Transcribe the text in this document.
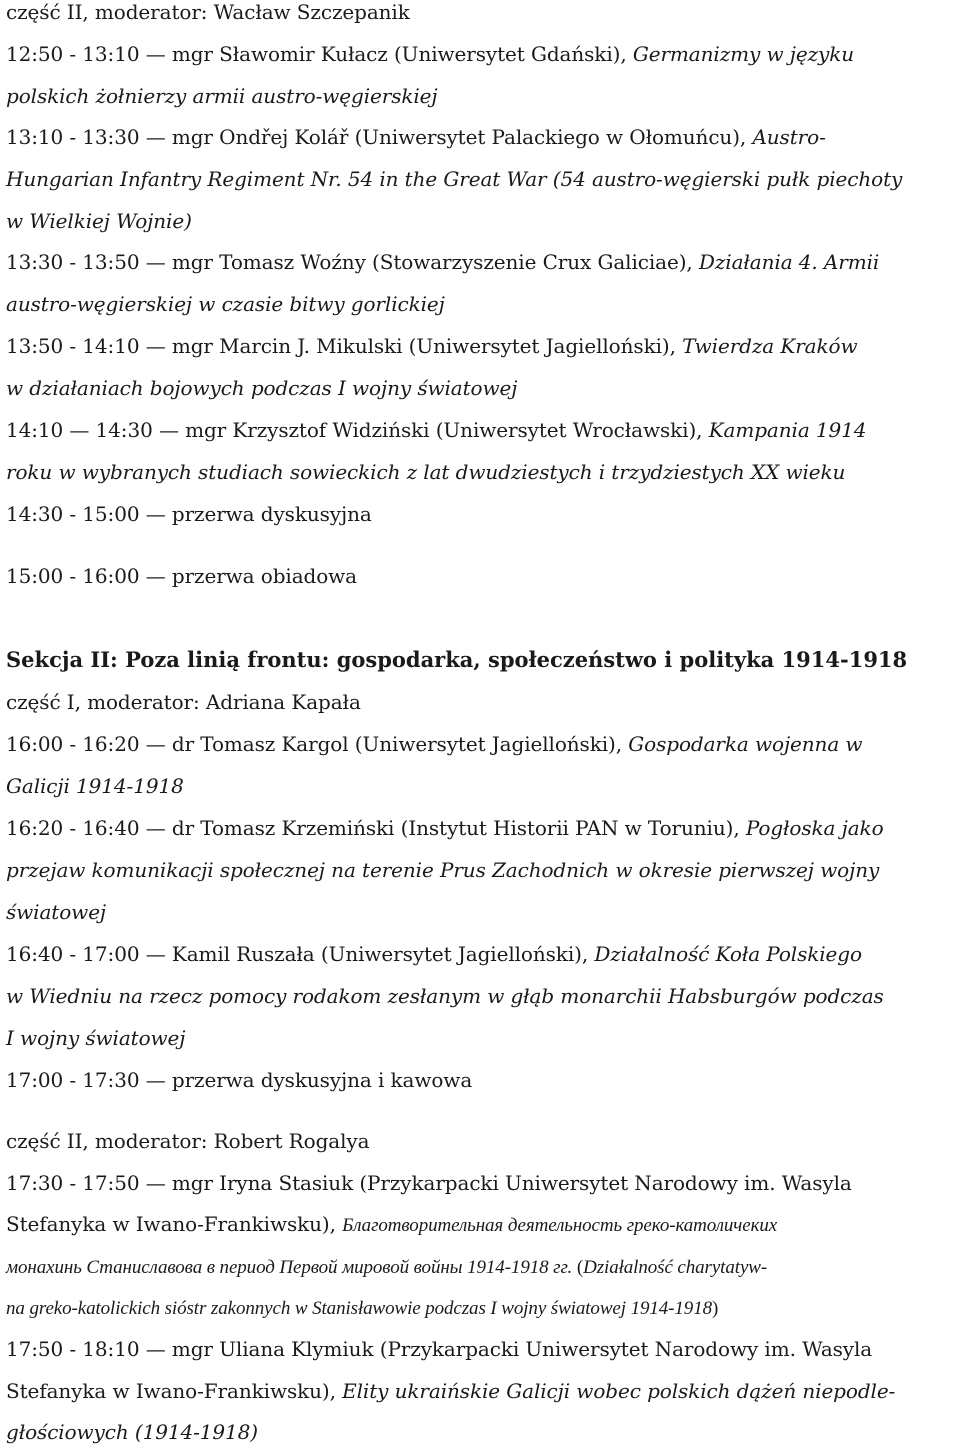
część II, moderator: Wacław Szczepanik
12:50 - 13:10 — mgr Sławomir Kułacz (Uniwersytet Gdański), Germanizmy w języku
polskich żołnierzy armii austro-węgierskiej
13:10 - 13:30 — mgr Ondřej Kolář (Uniwersytet Palackiego w Ołomuńcu), Austro-
Hungarian Infantry Regiment Nr. 54 in the Great War (54 austro-węgierski pułk piechoty
w Wielkiej Wojnie)
13:30 - 13:50 — mgr Tomasz Woźny (Stowarzyszenie Crux Galiciae), Działania 4. Armii
austro-węgierskiej w czasie bitwy gorlickiej
13:50 - 14:10 — mgr Marcin J. Mikulski (Uniwersytet Jagielloński), Twierdza Kraków
w działaniach bojowych podczas I wojny światowej
14:10 — 14:30 — mgr Krzysztof Widziński (Uniwersytet Wrocławski), Kampania 1914
roku w wybranych studiach sowieckich z lat dwudziestych i trzydziestych XX wieku
14:30 - 15:00 — przerwa dyskusyjna
15:00 - 16:00 — przerwa obiadowa
Sekcja II: Poza linią frontu: gospodarka, społeczeństwo i polityka 1914-1918
część I, moderator: Adriana Kapała
16:00 - 16:20 — dr Tomasz Kargol (Uniwersytet Jagielloński), Gospodarka wojenna w
Galicji 1914-1918
16:20 - 16:40 — dr Tomasz Krzemiński (Instytut Historii PAN w Toruniu), Pogłoska jako
przejaw komunikacji społecznej na terenie Prus Zachodnich w okresie pierwszej wojny
światowej
16:40 - 17:00 — Kamil Ruszała (Uniwersytet Jagielloński), Działalność Koła Polskiego
w Wiedniu na rzecz pomocy rodakom zesłanym w głąb monarchii Habsburgów podczas
I wojny światowej
17:00 - 17:30 — przerwa dyskusyjna i kawowa
część II, moderator: Robert Rogalya
17:30 - 17:50 — mgr Iryna Stasiuk (Przykarpacki Uniwersytet Narodowy im. Wasyla
Stefanyka w Iwano-Frankiwsku), Благотворительная деятельность греко-католичеких
монахинь Станиславова в период Первой мировой войны 1914-1918 гг. (Działalność charytatyw-
na greko-katolickich sióstr zakonnych w Stanisławowie podczas I wojny światowej 1914-1918)
17:50 - 18:10 — mgr Uliana Klymiuk (Przykarpacki Uniwersytet Narodowy im. Wasyla
Stefanyka w Iwano-Frankiwsku), Elity ukraińskie Galicji wobec polskich dążeń niepodle-
głościowych (1914-1918)
